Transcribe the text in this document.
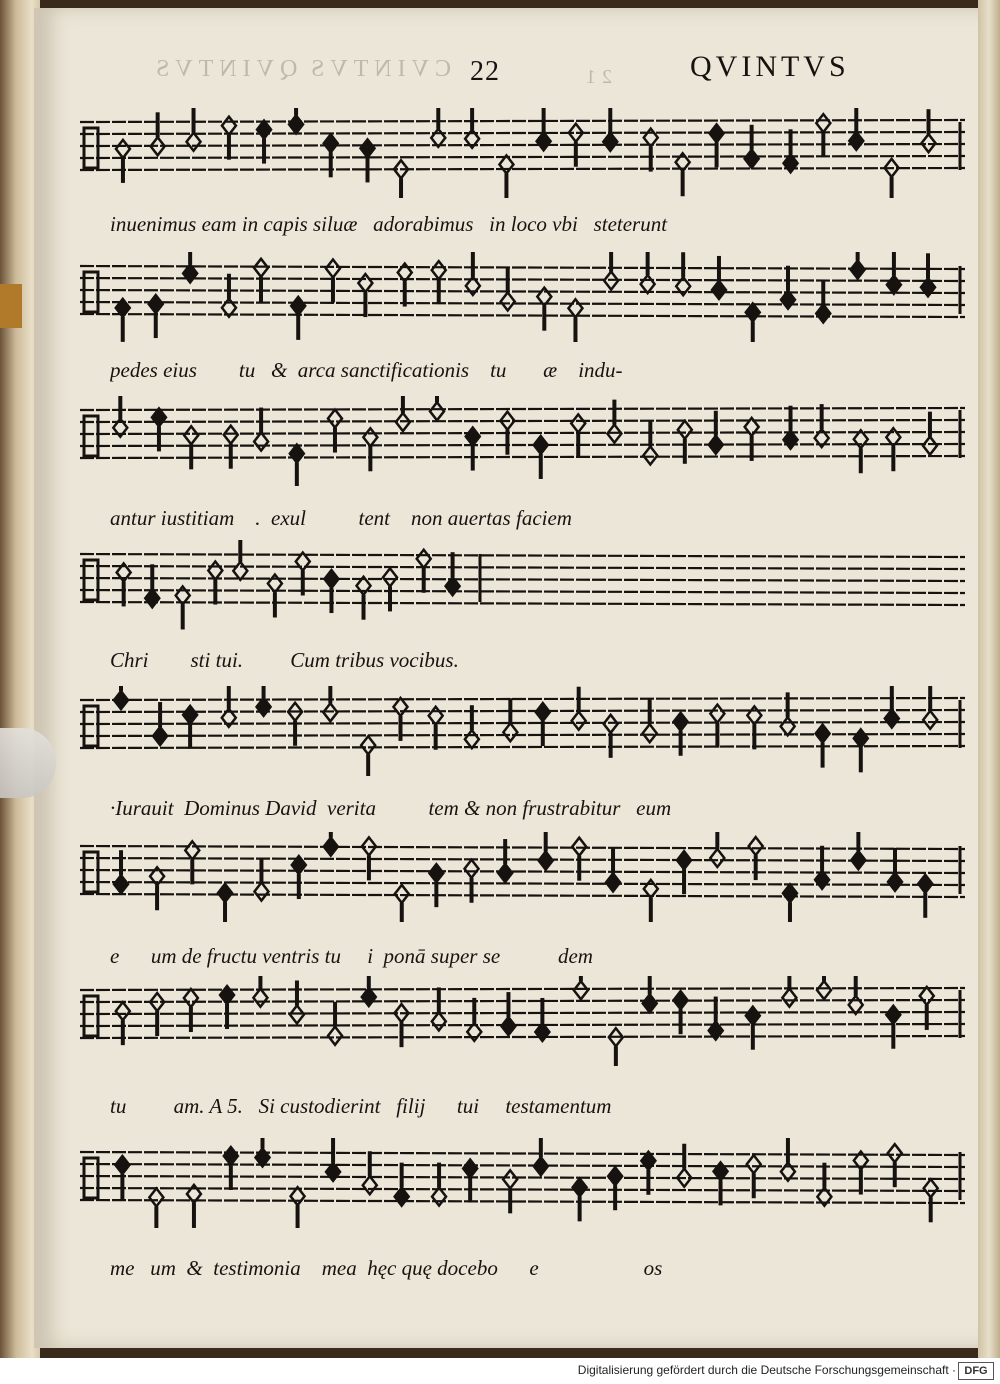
QVINTVS CVINTVS	21
22	QVINTVS
inuenimus eam in capis siluæ   adorabimus   in loco vbi   steterunt
pedes eius        tu   &  arca sanctificationis    tu       æ    indu-
antur iustitiam    .  exul          tent    non auertas faciem
Chri        sti tui.         Cum tribus vocibus.
·Iurauit  Dominus David  verita          tem & non frustrabitur   eum
e      um de fructu ventris tu     i  ponā super se           dem
tu         am. A 5.   Si custodierint   filij      tui     testamentum
me   um  &  testimonia    mea  hęc quę docebo      e                    os
Digitalisierung gefördert durch die Deutsche Forschungsgemeinschaft · DFG
